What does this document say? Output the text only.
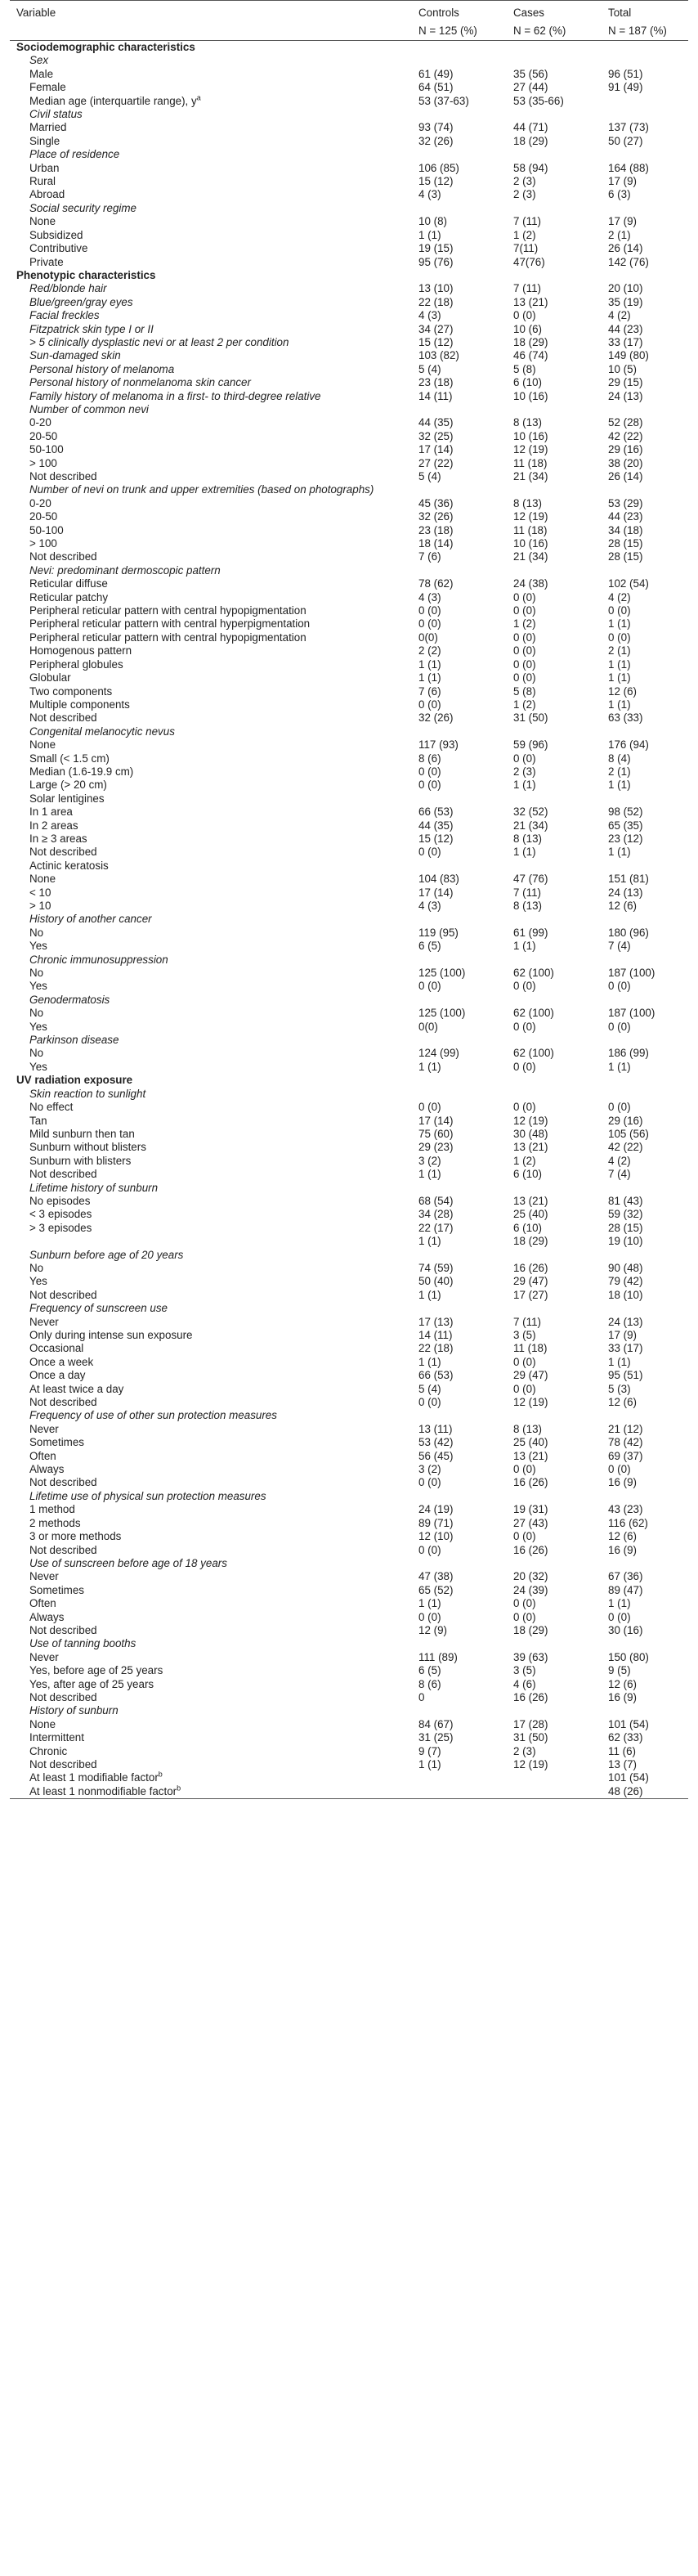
Variable	Controls	Cases	Total
	N = 125 (%)	N = 62 (%)	N = 187 (%)
Sociodemographic characteristics			
Sex			
Male	61 (49)	35 (56)	96 (51)
Female	64 (51)	27 (44)	91 (49)
Median age (interquartile range), $y^a$	53 (37-63)	53 (35-66)	
Civil status			
Married	93 (74)	44 (71)	137 (73)
Single	32 (26)	18 (29)	50 (27)
Place of residence			
Urban	106 (85)	58 (94)	164 (88)
Rural	15 (12)	2 (3)	17 (9)
Abroad	4 (3)	2 (3)	6 (3)
Social security regime			
None	10 (8)	7 (11)	17 (9)
Subsidized	1 (1)	1 (2)	2 (1)
Contributive	19 (15)	7(11)	26 (14)
Private	95 (76)	47(76)	142 (76)
Phenotypic characteristics			
Red/blonde hair	13 (10)	7 (11)	20 (10)
Blue/green/gray eyes	22 (18)	13 (21)	35 (19)
Facial freckles	4 (3)	0 (0)	4 (2)
Fitzpatrick skin type I or II	34 (27)	10 (6)	44 (23)
> 5 clinically dysplastic nevi or at least 2 per condition	15 (12)	18 (29)	33 (17)
Sun-damaged skin	103 (82)	46 (74)	149 (80)
Personal history of melanoma	5 (4)	5 (8)	10 (5)
Personal history of nonmelanoma skin cancer	23 (18)	6 (10)	29 (15)
Family history of melanoma in a first- to third-degree relative	14 (11)	10 (16)	24 (13)
Number of common nevi			
0-20	44 (35)	8 (13)	52 (28)
20-50	32 (25)	10 (16)	42 (22)
50-100	17 (14)	12 (19)	29 (16)
> 100	27 (22)	11 (18)	38 (20)
Not described	5 (4)	21 (34)	26 (14)
Number of nevi on trunk and upper extremities (based on photographs)			
0-20	45 (36)	8 (13)	53 (29)
20-50	32 (26)	12 (19)	44 (23)
50-100	23 (18)	11 (18)	34 (18)
> 100	18 (14)	10 (16)	28 (15)
Not described	7 (6)	21 (34)	28 (15)
Nevi: predominant dermoscopic pattern			
Reticular diffuse	78 (62)	24 (38)	102 (54)
Reticular patchy	4 (3)	0 (0)	4 (2)
Peripheral reticular pattern with central hypopigmentation	0 (0)	0 (0)	0 (0)
Peripheral reticular pattern with central hyperpigmentation	0 (0)	1 (2)	1 (1)
Peripheral reticular pattern with central hypopigmentation	0(0)	0 (0)	0 (0)
Homogenous pattern	2 (2)	0 (0)	2 (1)
Peripheral globules	1 (1)	0 (0)	1 (1)
Globular	1 (1)	0 (0)	1 (1)
Two components	7 (6)	5 (8)	12 (6)
Multiple components	0 (0)	1 (2)	1 (1)
Not described	32 (26)	31 (50)	63 (33)
Congenital melanocytic nevus			
None	117 (93)	59 (96)	176 (94)
Small (< 1.5 cm)	8 (6)	0 (0)	8 (4)
Median (1.6-19.9 cm)	0 (0)	2 (3)	2 (1)
Large (> 20 cm)	0 (0)	1 (1)	1 (1)
Solar lentigines			
In 1 area	66 (53)	32 (52)	98 (52)
In 2 areas	44 (35)	21 (34)	65 (35)
In ≥ 3 areas	15 (12)	8 (13)	23 (12)
Not described	0 (0)	1 (1)	1 (1)
Actinic keratosis			
None	104 (83)	47 (76)	151 (81)
< 10	17 (14)	7 (11)	24 (13)
> 10	4 (3)	8 (13)	12 (6)
History of another cancer			
No	119 (95)	61 (99)	180 (96)
Yes	6 (5)	1 (1)	7 (4)
Chronic immunosuppression			
No	125 (100)	62 (100)	187 (100)
Yes	0 (0)	0 (0)	0 (0)
Genodermatosis			
No	125 (100)	62 (100)	187 (100)
Yes	0(0)	0 (0)	0 (0)
Parkinson disease			
No	124 (99)	62 (100)	186 (99)
Yes	1 (1)	0 (0)	1 (1)
UV radiation exposure			
Skin reaction to sunlight			
No effect	0 (0)	0 (0)	0 (0)
Tan	17 (14)	12 (19)	29 (16)
Mild sunburn then tan	75 (60)	30 (48)	105 (56)
Sunburn without blisters	29 (23)	13 (21)	42 (22)
Sunburn with blisters	3 (2)	1 (2)	4 (2)
Not described	1 (1)	6 (10)	7 (4)
Lifetime history of sunburn			
No episodes	68 (54)	13 (21)	81 (43)
< 3 episodes	34 (28)	25 (40)	59 (32)
> 3 episodes	22 (17)	6 (10)	28 (15)
	1 (1)	18 (29)	19 (10)
Sunburn before age of 20 years			
No	74 (59)	16 (26)	90 (48)
Yes	50 (40)	29 (47)	79 (42)
Not described	1 (1)	17 (27)	18 (10)
Frequency of sunscreen use			
Never	17 (13)	7 (11)	24 (13)
Only during intense sun exposure	14 (11)	3 (5)	17 (9)
Occasional	22 (18)	11 (18)	33 (17)
Once a week	1 (1)	0 (0)	1 (1)
Once a day	66 (53)	29 (47)	95 (51)
At least twice a day	5 (4)	0 (0)	5 (3)
Not described	0 (0)	12 (19)	12 (6)
Frequency of use of other sun protection measures			
Never	13 (11)	8 (13)	21 (12)
Sometimes	53 (42)	25 (40)	78 (42)
Often	56 (45)	13 (21)	69 (37)
Always	3 (2)	0 (0)	0 (0)
Not described	0 (0)	16 (26)	16 (9)
Lifetime use of physical sun protection measures			
1 method	24 (19)	19 (31)	43 (23)
2 methods	89 (71)	27 (43)	116 (62)
3 or more methods	12 (10)	0 (0)	12 (6)
Not described	0 (0)	16 (26)	16 (9)
Use of sunscreen before age of 18 years			
Never	47 (38)	20 (32)	67 (36)
Sometimes	65 (52)	24 (39)	89 (47)
Often	1 (1)	0 (0)	1 (1)
Always	0 (0)	0 (0)	0 (0)
Not described	12 (9)	18 (29)	30 (16)
Use of tanning booths			
Never	111 (89)	39 (63)	150 (80)
Yes, before age of 25 years	6 (5)	3 (5)	9 (5)
Yes, after age of 25 years	8 (6)	4 (6)	12 (6)
Not described	0	16 (26)	16 (9)
History of sunburn			
None	84 (67)	17 (28)	101 (54)
Intermittent	31 (25)	31 (50)	62 (33)
Chronic	9 (7)	2 (3)	11 (6)
Not described	1 (1)	12 (19)	13 (7)
At least 1 modifiable factor$^b$			101 (54)
At least 1 nonmodifiable factor$^b$			48 (26)
